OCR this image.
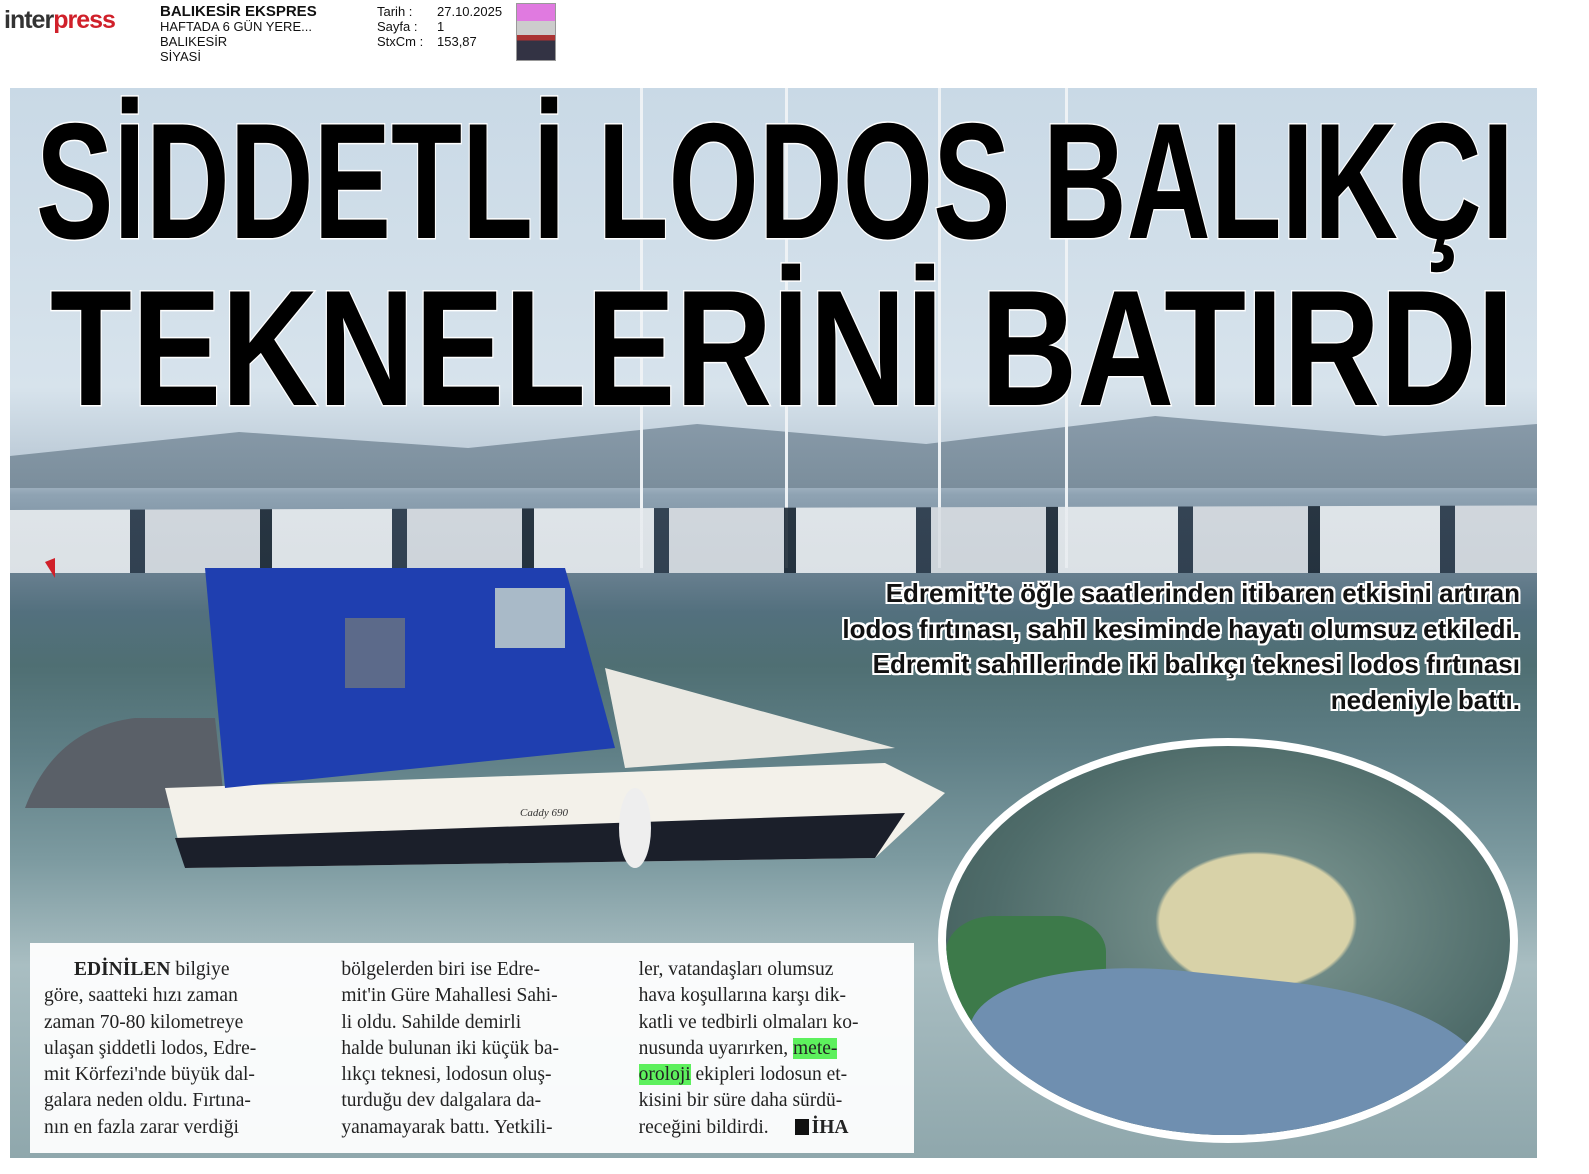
interpress	BALIKESİR EKSPRES
HAFTADA 6 GÜN YERE...
BALIKESİR
SİYASİ
Tarih :	27.10.2025
Sayfa :	1
StxCm :	153,87
Caddy 690
SİDDETLİ LODOS BALIKÇI
TEKNELERİNİ BATIRDI
Edremit’te öğle saatlerinden itibaren etkisini artıran lodos fırtınası, sahil kesiminde hayatı olumsuz etkiledi. Edremit sahillerinde iki balıkçı teknesi lodos fırtınası nedeniyle battı.

EDİNİLEN bilgiye
göre, saatteki hızı zaman
zaman 70-80 kilometreye
ulaşan şiddetli lodos, Edre-
mit Körfezi'nde büyük dal-
galara neden oldu. Fırtına-
nın en fazla zarar verdiği

bölgelerden biri ise Edre-
mit'in Güre Mahallesi Sahi-
li oldu. Sahilde demirli
halde bulunan iki küçük ba-
lıkçı teknesi, lodosun oluş-
turduğu dev dalgalara da-
yanamayarak battı. Yetkili-

ler, vatandaşları olumsuz
hava koşullarına karşı dik-
katli ve tedbirli olmaları ko-
nusunda uyarırken, mete-
oroloji ekipleri lodosun et-
kisini bir süre daha sürdü-
receğini bildirdi. İHA
